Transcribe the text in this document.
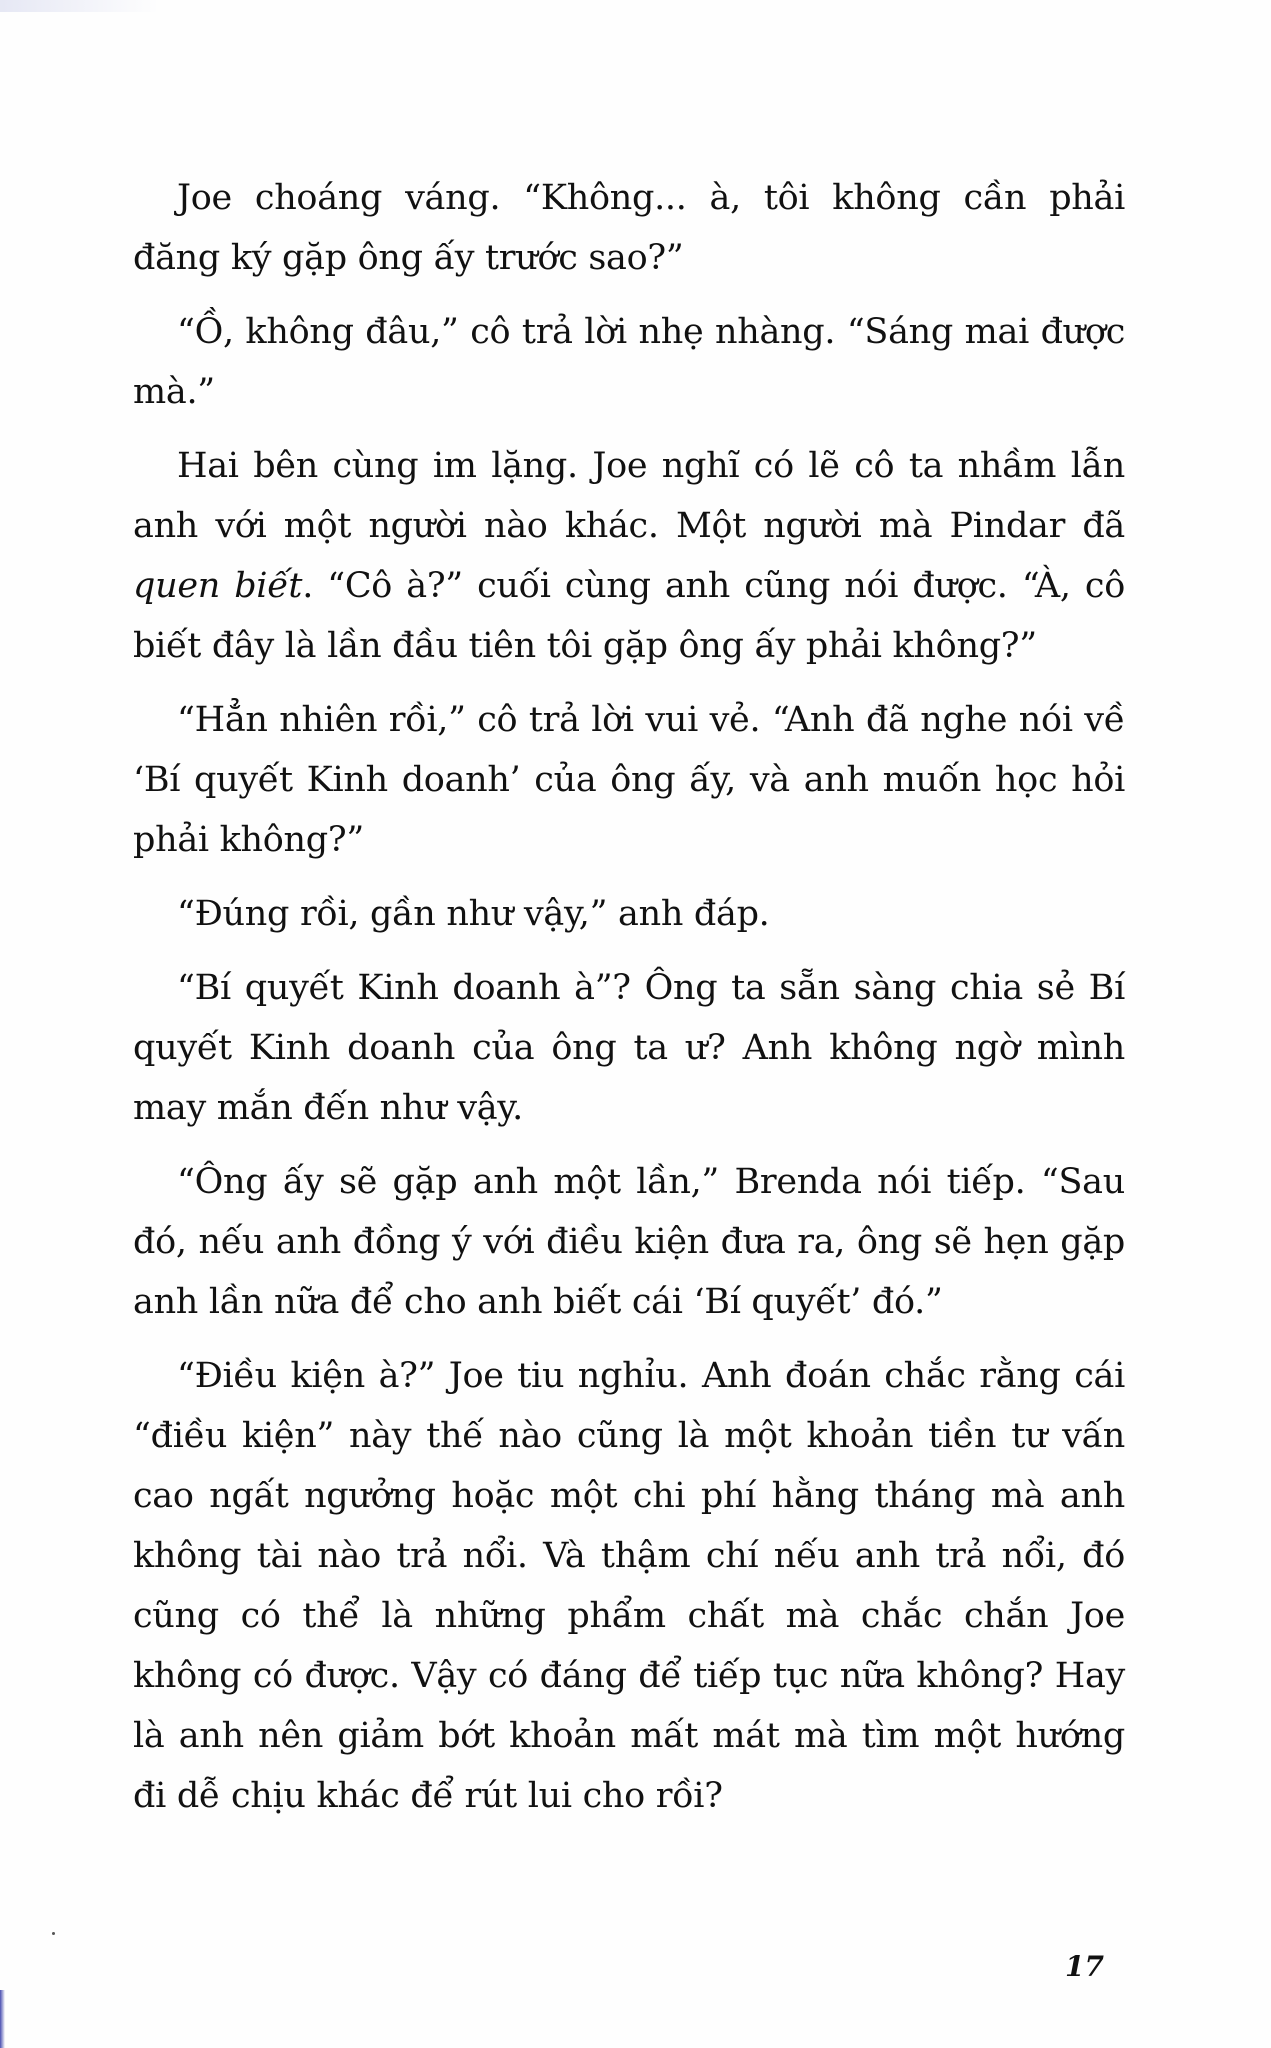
Joe choáng váng. “Không... à, tôi không cần phải đăng ký gặp ông ấy trước sao?”

“Ồ, không đâu,” cô trả lời nhẹ nhàng. “Sáng mai được mà.”

Hai bên cùng im lặng. Joe nghĩ có lẽ cô ta nhầm lẫn anh với một người nào khác. Một người mà Pindar đã quen biết. “Cô à?” cuối cùng anh cũng nói được. “À, cô biết đây là lần đầu tiên tôi gặp ông ấy phải không?”

“Hẳn nhiên rồi,” cô trả lời vui vẻ. “Anh đã nghe nói về ‘Bí quyết Kinh doanh’ của ông ấy, và anh muốn học hỏi phải không?”

“Đúng rồi, gần như vậy,” anh đáp.

“Bí quyết Kinh doanh à”? Ông ta sẵn sàng chia sẻ Bí quyết Kinh doanh của ông ta ư? Anh không ngờ mình may mắn đến như vậy.

“Ông ấy sẽ gặp anh một lần,” Brenda nói tiếp. “Sau đó, nếu anh đồng ý với điều kiện đưa ra, ông sẽ hẹn gặp anh lần nữa để cho anh biết cái ‘Bí quyết’ đó.”

“Điều kiện à?” Joe tiu nghỉu. Anh đoán chắc rằng cái “điều kiện” này thế nào cũng là một khoản tiền tư vấn cao ngất ngưởng hoặc một chi phí hằng tháng mà anh không tài nào trả nổi. Và thậm chí nếu anh trả nổi, đó cũng có thể là những phẩm chất mà chắc chắn Joe không có được. Vậy có đáng để tiếp tục nữa không? Hay là anh nên giảm bớt khoản mất mát mà tìm một hướng đi dễ chịu khác để rút lui cho rồi?

17
